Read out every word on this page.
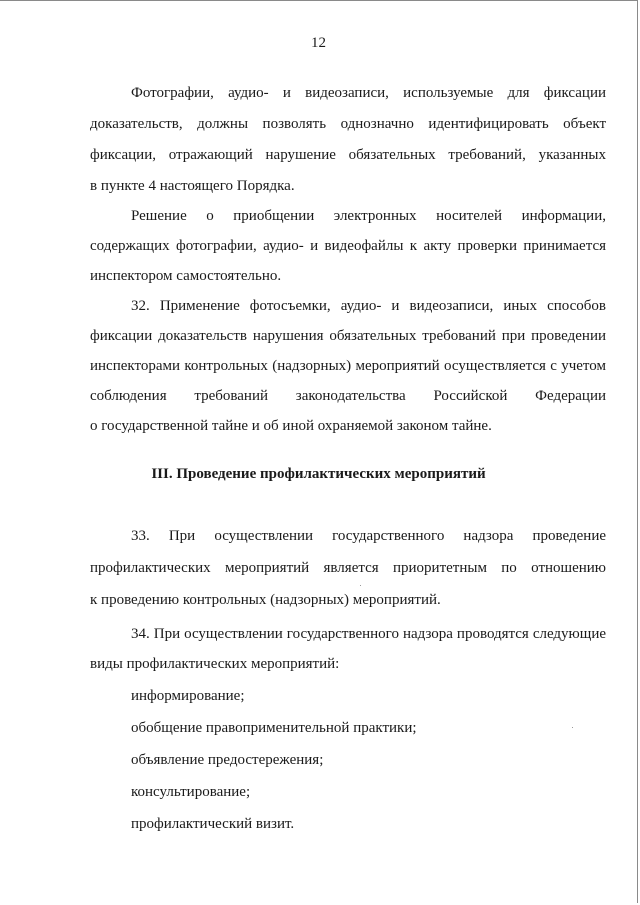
12
Фотографии, аудио- и видеозаписи, используемые для фиксации
доказательств, должны позволять однозначно идентифицировать объект
фиксации, отражающий нарушение обязательных требований, указанных
в пункте 4 настоящего Порядка.
Решение о приобщении электронных носителей информации,
содержащих фотографии, аудио- и видеофайлы к акту проверки принимается
инспектором самостоятельно.
32. Применение фотосъемки, аудио- и видеозаписи, иных способов
фиксации доказательств нарушения обязательных требований при проведении
инспекторами контрольных (надзорных) мероприятий осуществляется с учетом
соблюдения требований законодательства Российской Федерации
о государственной тайне и об иной охраняемой законом тайне.
III. Проведение профилактических мероприятий
33. При осуществлении государственного надзора проведение
профилактических мероприятий является приоритетным по отношению
к проведению контрольных (надзорных) мероприятий.
34. При осуществлении государственного надзора проводятся следующие
виды профилактических мероприятий:
информирование;
обобщение правоприменительной практики;
объявление предостережения;
консультирование;
профилактический визит.
